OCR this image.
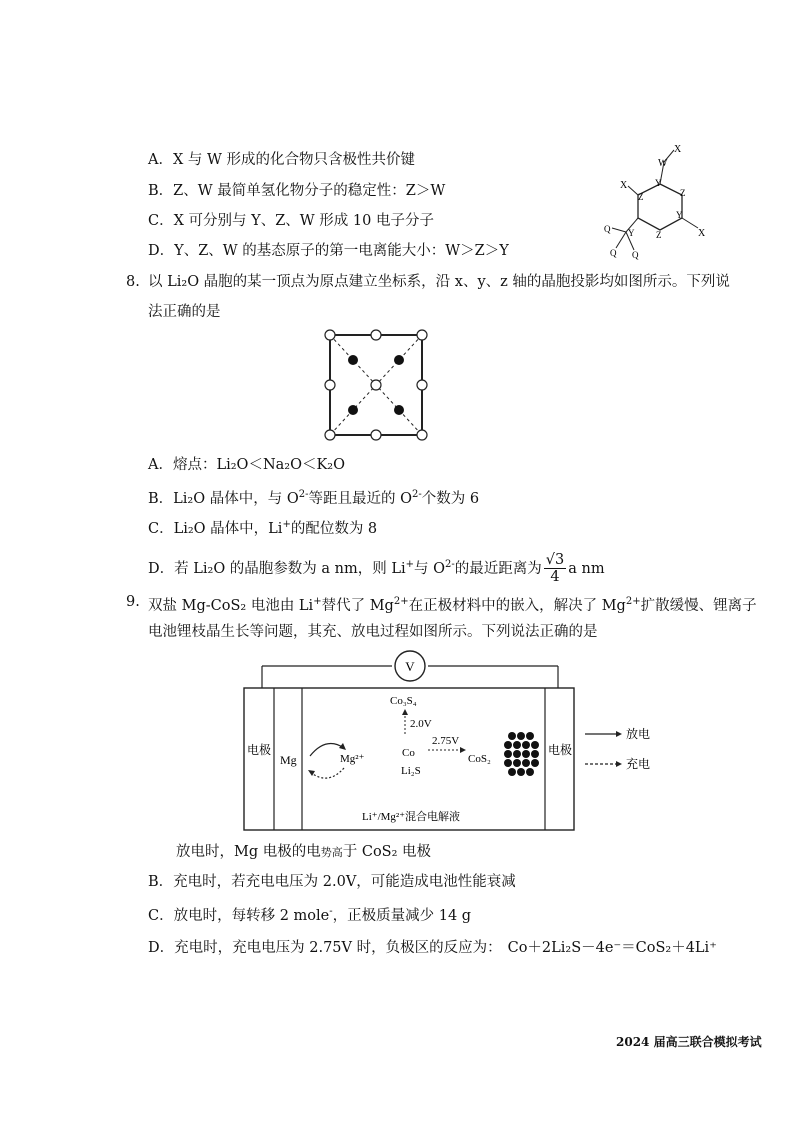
A．X 与 W 形成的化合物只含极性共价键
B．Z、W 最简单氢化物分子的稳定性：Z＞W
C．X 可分别与 Y、Z、W 形成 10 电子分子
D．Y、Z、W 的基态原子的第一电离能大小：W＞Z＞Y
X
W
X	Y
Z
Y
Z
Z
Y	X
Q
Q Q
8. 以 Li₂O 晶胞的某一顶点为原点建立坐标系，沿 x、y、z 轴的晶胞投影均如图所示。下列说
法正确的是
A．熔点：Li₂O＜Na₂O＜K₂O
B．Li₂O 晶体中，与 $O^{2-}$等距且最近的 $O^{2-}$个数为 6
C．Li₂O 晶体中，Li+的配位数为 8
D．若 Li₂O 的晶胞参数为 a nm，则 Li+与 $O^{2-}$的最近距离为 $\frac{√3}{4}$ a nm
9. 双盐 Mg-CoS₂ 电池由 Li+替代了 $Mg^{2+}$在正极材料中的嵌入，解决了 $Mg^{2+}$扩散缓慢、锂离子
电池锂枝晶生长等问题，其充、放电过程如图所示。下列说法正确的是
V
电极	电极
Mg	Mg²⁺
Co₃S₄
2.0V
2.75V
Co
Li₂S
CoS₂
Li⁺/Mg²⁺混合电解液
放电
充电
放电时，Mg 电极的电势高于 CoS₂ 电极
B．充电时，若充电电压为 2.0V，可能造成电池性能衰减
C．放电时，每转移 2 mole-，正极质量减少 14 g
D．充电时，充电电压为 2.75V 时，负极区的反应为： Co＋2Li₂S－4e⁻＝CoS₂＋4Li⁺
2024 届高三联合模拟考试
